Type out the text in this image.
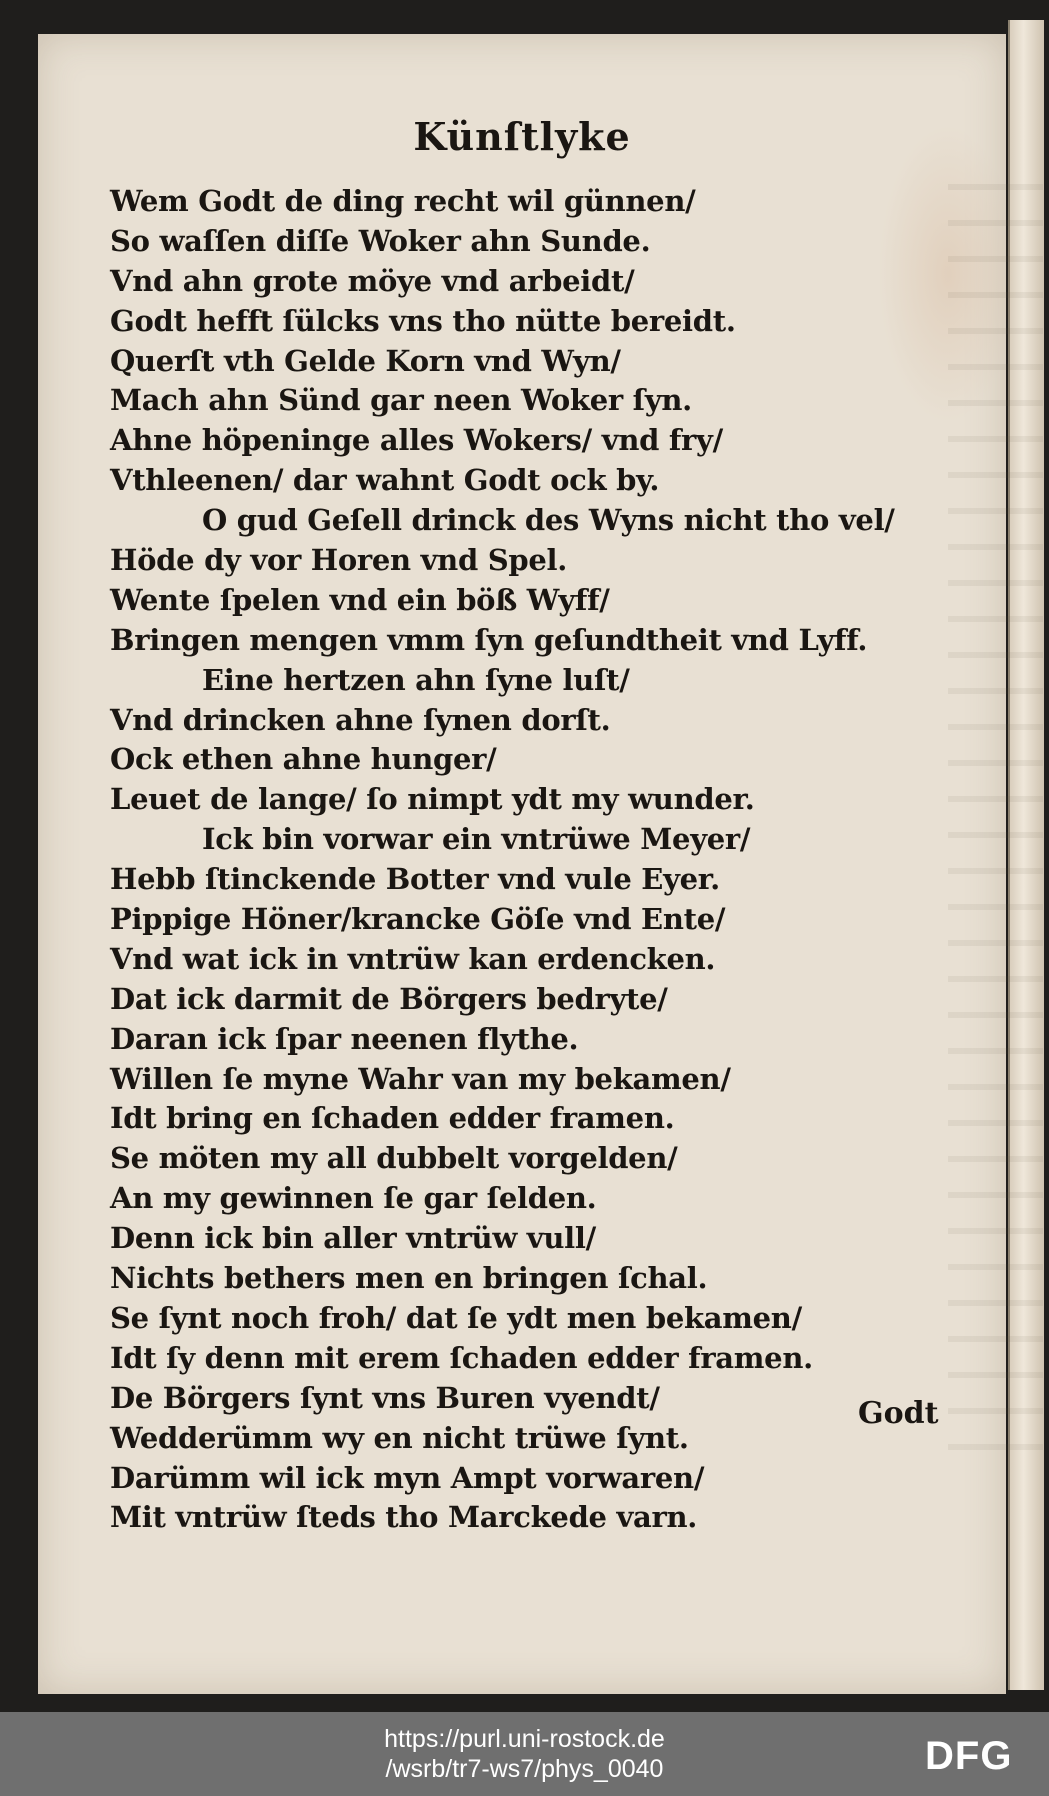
Künſtlyke
Wem Godt de ding recht wil günnen/
So waſſen diſſe Woker ahn Sunde.
Vnd ahn grote möye vnd arbeidt/
Godt hefft ſülcks vns tho nütte bereidt.
Querſt vth Gelde Korn vnd Wyn/
Mach ahn Sünd gar neen Woker ſyn.
Ahne höpeninge alles Wokers/ vnd fry/
Vthleenen/ dar wahnt Godt ock by.
O gud Geſell drinck des Wyns nicht tho vel/
Höde dy vor Horen vnd Spel.
Wente ſpelen vnd ein böß Wyff/
Bringen mengen vmm ſyn geſundtheit vnd Lyff.
Eine hertzen ahn ſyne luſt/
Vnd drincken ahne ſynen dorſt.
Ock ethen ahne hunger/
Leuet de lange/ ſo nimpt ydt my wunder.
Ick bin vorwar ein vntrüwe Meyer/
Hebb ſtinckende Botter vnd vule Eyer.
Pippige Höner/krancke Göſe vnd Ente/
Vnd wat ick in vntrüw kan erdencken.
Dat ick darmit de Börgers bedryte/
Daran ick ſpar neenen flythe.
Willen ſe myne Wahr van my bekamen/
Idt bring en ſchaden edder framen.
Se möten my all dubbelt vorgelden/
An my gewinnen ſe gar ſelden.
Denn ick bin aller vntrüw vull/
Nichts bethers men en bringen ſchal.
Se ſynt noch froh/ dat ſe ydt men bekamen/
Idt ſy denn mit erem ſchaden edder framen.
De Börgers ſynt vns Buren vyendt/
Wedderümm wy en nicht trüwe ſynt.
Darümm wil ick myn Ampt vorwaren/
Mit vntrüw ſteds tho Marckede varn.
Godt
https://purl.uni-rostock.de
/wsrb/tr7-ws7/phys_0040	DFG
